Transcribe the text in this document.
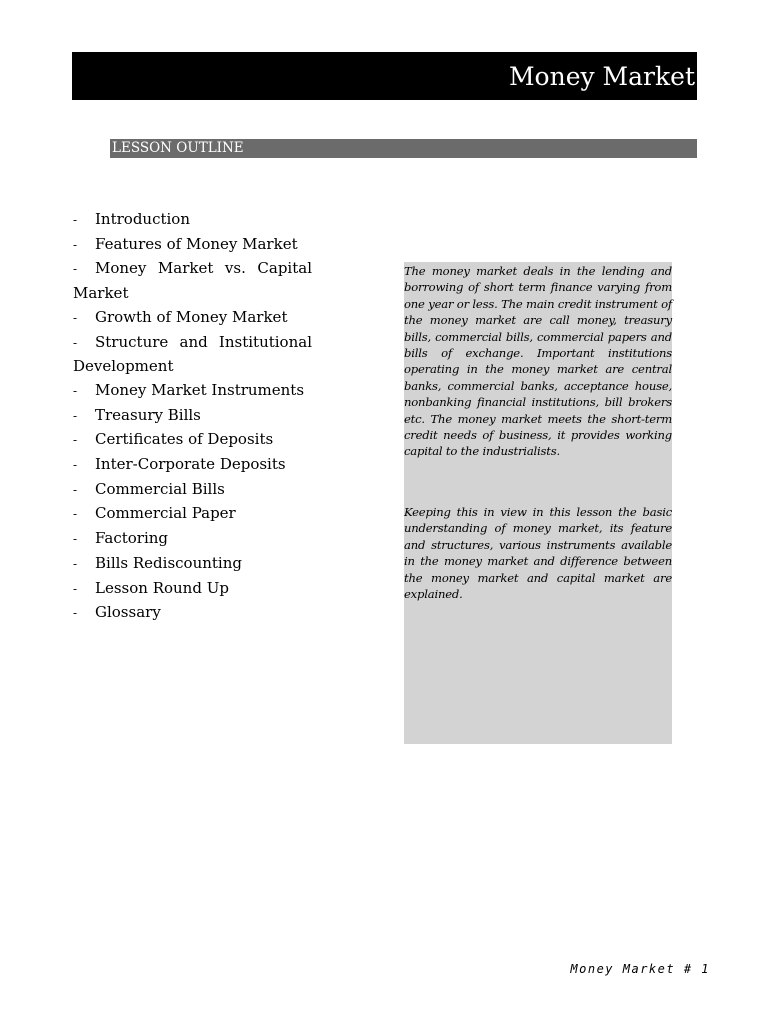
Money Market
LESSON OUTLINE
- Introduction
- Features of Money Market
- Money Market vs. Capital Market
- Growth of Money Market
- Structure and Institutional Development
- Money Market Instruments
- Treasury Bills
- Certificates of Deposits
- Inter-Corporate Deposits
- Commercial Bills
- Commercial Paper
- Factoring
- Bills Rediscounting
- Lesson Round Up
- Glossary

The money market deals in the lending and borrowing of short term finance varying from one year or less. The main credit instrument of the money market are call money, treasury bills, commercial bills, commercial papers and bills of exchange. Important institutions operating in the money market are central banks, commercial banks, acceptance house, nonbanking financial institutions, bill brokers etc. The money market meets the short-term credit needs of business, it provides working capital to the industrialists.

Keeping this in view in this lesson the basic understanding of money market, its feature and structures, various instruments available in the money market and difference between the money market and capital market are explained.

Money Market # 1
